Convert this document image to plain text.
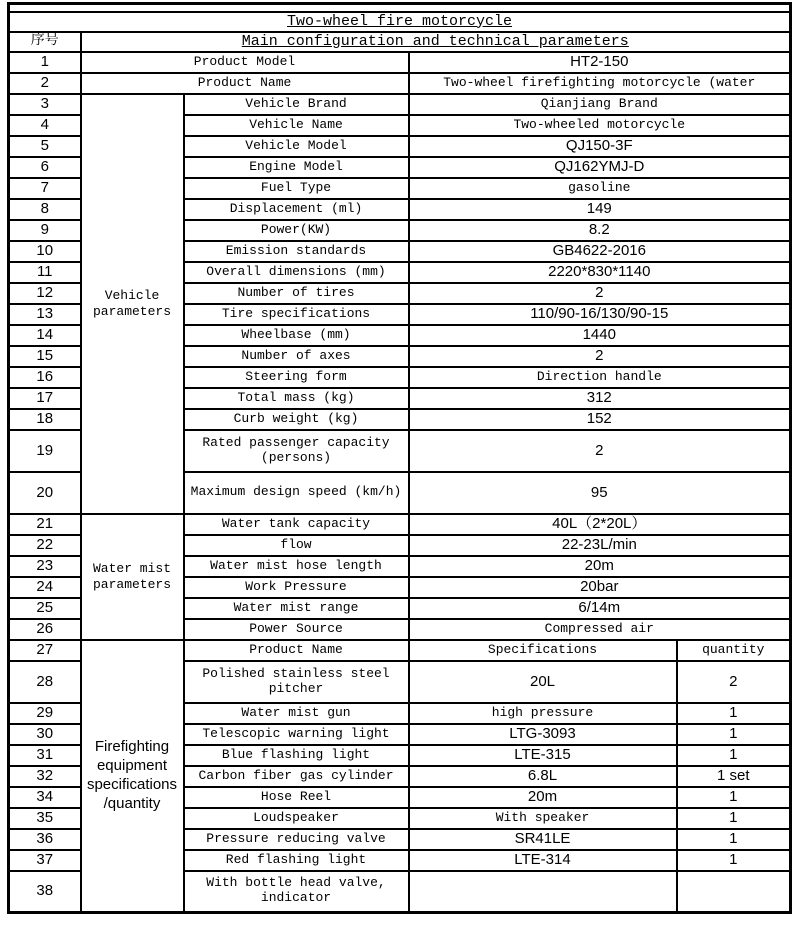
Two-wheel fire motorcycle				
序号	Main configuration and technical parameters			
1	Product Model		HT2-150	
2	Product Name		Two-wheel firefighting motorcycle (water	
3	Vehicle parameters	Vehicle Brand	Qianjiang Brand	
4		Vehicle Name	Two-wheeled motorcycle	
5		Vehicle Model	QJ150-3F	
6		Engine Model	QJ162YMJ-D	
7		Fuel Type	gasoline	
8		Displacement (ml)	149	
9		Power(KW)	8.2	
10		Emission standards	GB4622-2016	
11		Overall dimensions (mm)	2220*830*1140	
12		Number of tires	2	
13		Tire specifications	110/90-16/130/90-15	
14		Wheelbase (mm)	1440	
15		Number of axes	2	
16		Steering form	Direction handle	
17		Total mass (kg)	312	
18		Curb weight (kg)	152	
19		Rated passenger capacity (persons)	2	
20		Maximum design speed (km/h)	95	
21	Water mist parameters	Water tank capacity	40L（2*20L）	
22		flow	22-23L/min	
23		Water mist hose length	20m	
24		Work Pressure	20bar	
25		Water mist range	6/14m	
26		Power Source	Compressed air	
27	Firefighting equipment specifications /quantity	Product Name	Specifications	quantity
28		Polished stainless steel pitcher	20L	2
29		Water mist gun	high pressure	1
30		Telescopic warning light	LTG-3093	1
31		Blue flashing light	LTE-315	1
32		Carbon fiber gas cylinder	6.8L	1 set
34		Hose Reel	20m	1
35		Loudspeaker	With speaker	1
36		Pressure reducing valve	SR41LE	1
37		Red flashing light	LTE-314	1
38		With bottle head valve, indicator		
